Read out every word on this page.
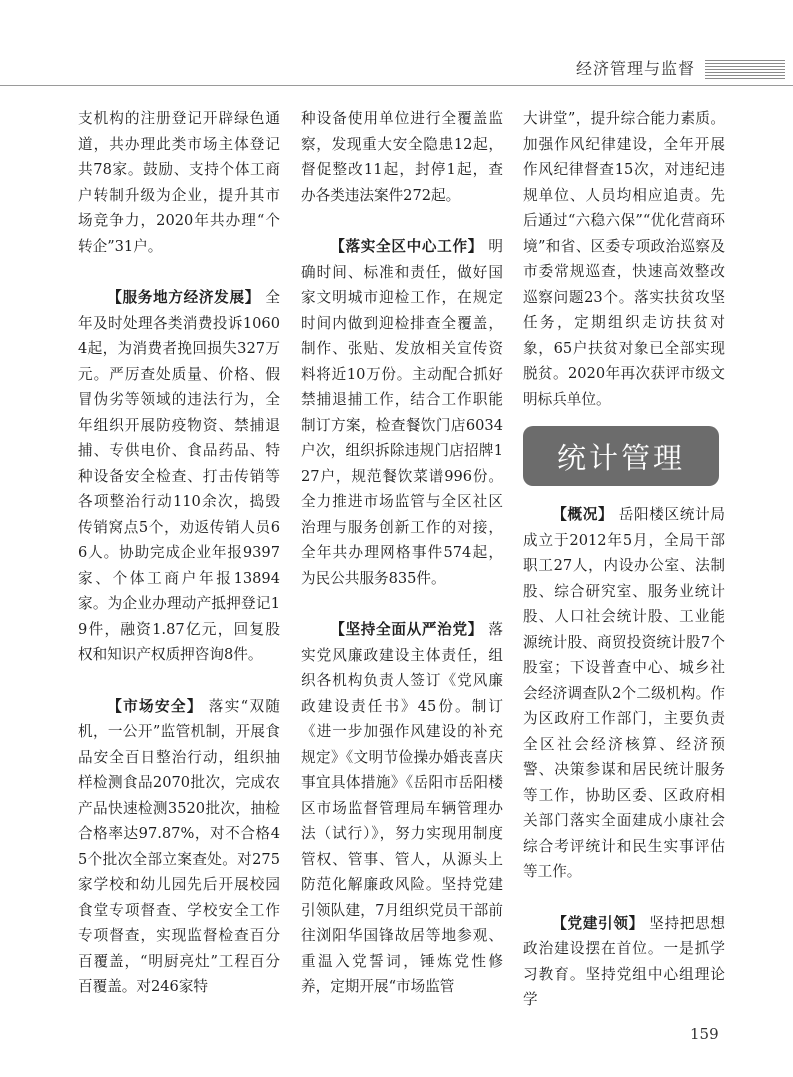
经济管理与监督

支机构的注册登记开辟绿色通道，共办理此类市场主体登记共78家。鼓励、支持个体工商户转制升级为企业，提升其市场竞争力，2020年共办理“个转企”31户。

【服务地方经济发展】 全年及时处理各类消费投诉10604起，为消费者挽回损失327万元。严厉查处质量、价格、假冒伪劣等领域的违法行为，全年组织开展防疫物资、禁捕退捕、专供电价、食品药品、特种设备安全检查、打击传销等各项整治行动110余次，捣毁传销窝点5个，劝返传销人员66人。协助完成企业年报9397家、个体工商户年报13894家。为企业办理动产抵押登记19件，融资1.87亿元，回复股权和知识产权质押咨询8件。

【市场安全】 落实“双随机，一公开”监管机制，开展食品安全百日整治行动，组织抽样检测食品2070批次，完成农产品快速检测3520批次，抽检合格率达97.87%，对不合格45个批次全部立案查处。对275家学校和幼儿园先后开展校园食堂专项督查、学校安全工作专项督查，实现监督检查百分百覆盖，“明厨亮灶”工程百分百覆盖。对246家特

种设备使用单位进行全覆盖监察，发现重大安全隐患12起，督促整改11起，封停1起，查办各类违法案件272起。

【落实全区中心工作】 明确时间、标准和责任，做好国家文明城市迎检工作，在规定时间内做到迎检排查全覆盖，制作、张贴、发放相关宣传资料将近10万份。主动配合抓好禁捕退捕工作，结合工作职能制订方案，检查餐饮门店6034户次，组织拆除违规门店招牌127户，规范餐饮菜谱996份。全力推进市场监管与全区社区治理与服务创新工作的对接，全年共办理网格事件574起，为民公共服务835件。

【坚持全面从严治党】 落实党风廉政建设主体责任，组织各机构负责人签订《党风廉政建设责任书》45份。制订《进一步加强作风建设的补充规定》《文明节俭操办婚丧喜庆事宜具体措施》《岳阳市岳阳楼区市场监督管理局车辆管理办法（试行）》，努力实现用制度管权、管事、管人，从源头上防范化解廉政风险。坚持党建引领队建，7月组织党员干部前往浏阳华国锋故居等地参观、重温入党誓词，锤炼党性修养，定期开展“市场监管

大讲堂”，提升综合能力素质。加强作风纪律建设，全年开展作风纪律督查15次，对违纪违规单位、人员均相应追责。先后通过“六稳六保”“优化营商环境”和省、区委专项政治巡察及市委常规巡查，快速高效整改巡察问题23个。落实扶贫攻坚任务，定期组织走访扶贫对象，65户扶贫对象已全部实现脱贫。2020年再次获评市级文明标兵单位。

统计管理

【概况】 岳阳楼区统计局成立于2012年5月，全局干部职工27人，内设办公室、法制股、综合研究室、服务业统计股、人口社会统计股、工业能源统计股、商贸投资统计股7个股室；下设普查中心、城乡社会经济调查队2个二级机构。作为区政府工作部门，主要负责全区社会经济核算、经济预警、决策参谋和居民统计服务等工作，协助区委、区政府相关部门落实全面建成小康社会综合考评统计和民生实事评估等工作。

【党建引领】 坚持把思想政治建设摆在首位。一是抓学习教育。坚持党组中心组理论学

159
